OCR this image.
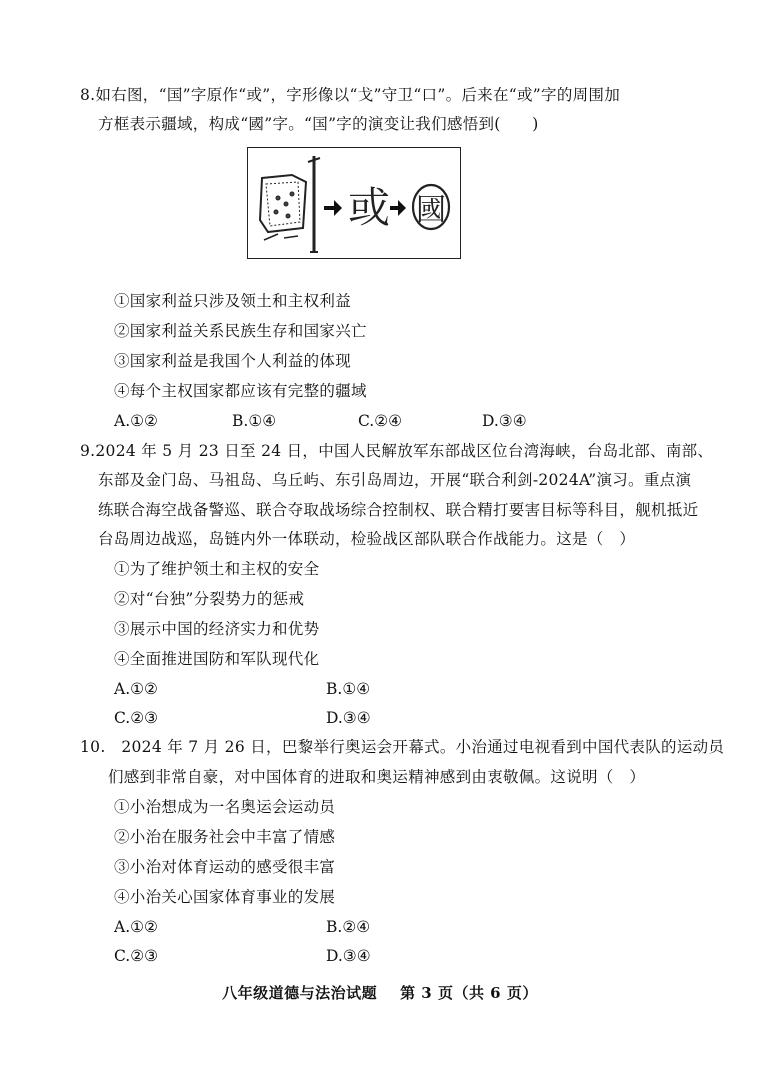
8.如右图，“国”字原作“或”，字形像以“戈”守卫“口”。后来在“或”字的周围加
方框表示疆域，构成“國”字。“国”字的演变让我们感悟到(　　)
或 國
①国家利益只涉及领土和主权利益
②国家利益关系民族生存和国家兴亡
③国家利益是我国个人利益的体现
④每个主权国家都应该有完整的疆域
A.①②	B.①④	C.②④	D.③④
9.2024 年 5 月 23 日至 24 日，中国人民解放军东部战区位台湾海峡，台岛北部、南部、
东部及金门岛、马祖岛、乌丘屿、东引岛周边，开展“联合利剑-2024A”演习。重点演
练联合海空战备警巡、联合夺取战场综合控制权、联合精打要害目标等科目，舰机抵近
台岛周边战巡，岛链内外一体联动，检验战区部队联合作战能力。这是（　）
①为了维护领土和主权的安全
②对“台独”分裂势力的惩戒
③展示中国的经济实力和优势
④全面推进国防和军队现代化
A.①②	B.①④
C.②③	D.③④
10.　2024 年 7 月 26 日，巴黎举行奥运会开幕式。小治通过电视看到中国代表队的运动员
们感到非常自豪，对中国体育的进取和奥运精神感到由衷敬佩。这说明（　）
①小治想成为一名奥运会运动员
②小治在服务社会中丰富了情感
③小治对体育运动的感受很丰富
④小治关心国家体育事业的发展
A.①②	B.②④
C.②③	D.③④
八年级道德与法治试题 第 3 页（共 6 页）
